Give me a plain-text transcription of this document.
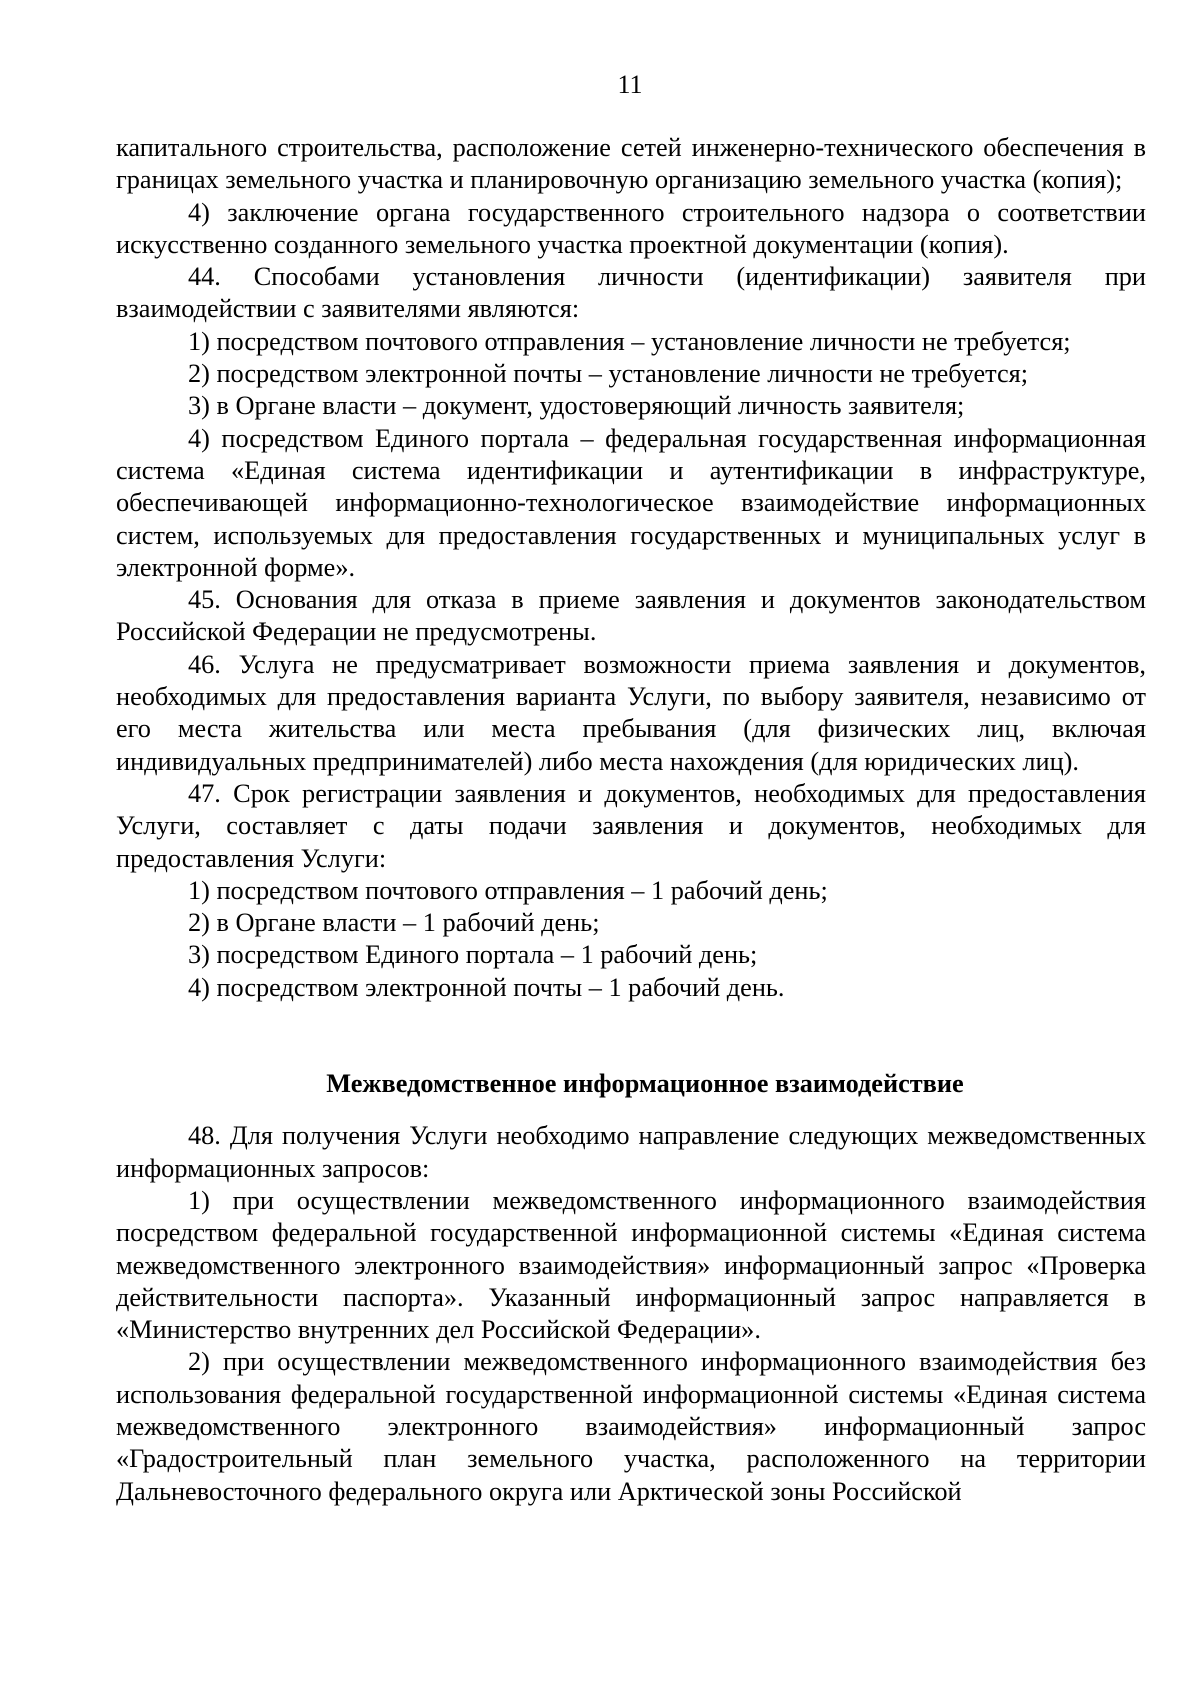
11

капитального строительства, расположение сетей инженерно-технического обеспечения в границах земельного участка и планировочную организацию земельного участка (копия);

4) заключение органа государственного строительного надзора о соответствии искусственно созданного земельного участка проектной документации (копия).

44. Способами установления личности (идентификации) заявителя при взаимодействии с заявителями являются:

1) посредством почтового отправления – установление личности не требуется;

2) посредством электронной почты – установление личности не требуется;

3) в Органе власти – документ, удостоверяющий личность заявителя;

4) посредством Единого портала – федеральная государственная информационная система «Единая система идентификации и аутентификации в инфраструктуре, обеспечивающей информационно-технологическое взаимодействие информационных систем, используемых для предоставления государственных и муниципальных услуг в электронной форме».

45. Основания для отказа в приеме заявления и документов законодательством Российской Федерации не предусмотрены.

46. Услуга не предусматривает возможности приема заявления и документов, необходимых для предоставления варианта Услуги, по выбору заявителя, независимо от его места жительства или места пребывания (для физических лиц, включая индивидуальных предпринимателей) либо места нахождения (для юридических лиц).

47. Срок регистрации заявления и документов, необходимых для предоставления Услуги, составляет с даты подачи заявления и документов, необходимых для предоставления Услуги:

1) посредством почтового отправления – 1 рабочий день;

2) в Органе власти – 1 рабочий день;

3) посредством Единого портала – 1 рабочий день;

4) посредством электронной почты – 1 рабочий день.

Межведомственное информационное взаимодействие

48. Для получения Услуги необходимо направление следующих межведомственных информационных запросов:

1) при осуществлении межведомственного информационного взаимодействия посредством федеральной государственной информационной системы «Единая система межведомственного электронного взаимодействия» информационный запрос «Проверка действительности паспорта». Указанный информационный запрос направляется в «Министерство внутренних дел Российской Федерации».

2) при осуществлении межведомственного информационного взаимодействия без использования федеральной государственной информационной системы «Единая система межведомственного электронного взаимодействия» информационный запрос «Градостроительный план земельного участка, расположенного на территории Дальневосточного федерального округа или Арктической зоны Российской
